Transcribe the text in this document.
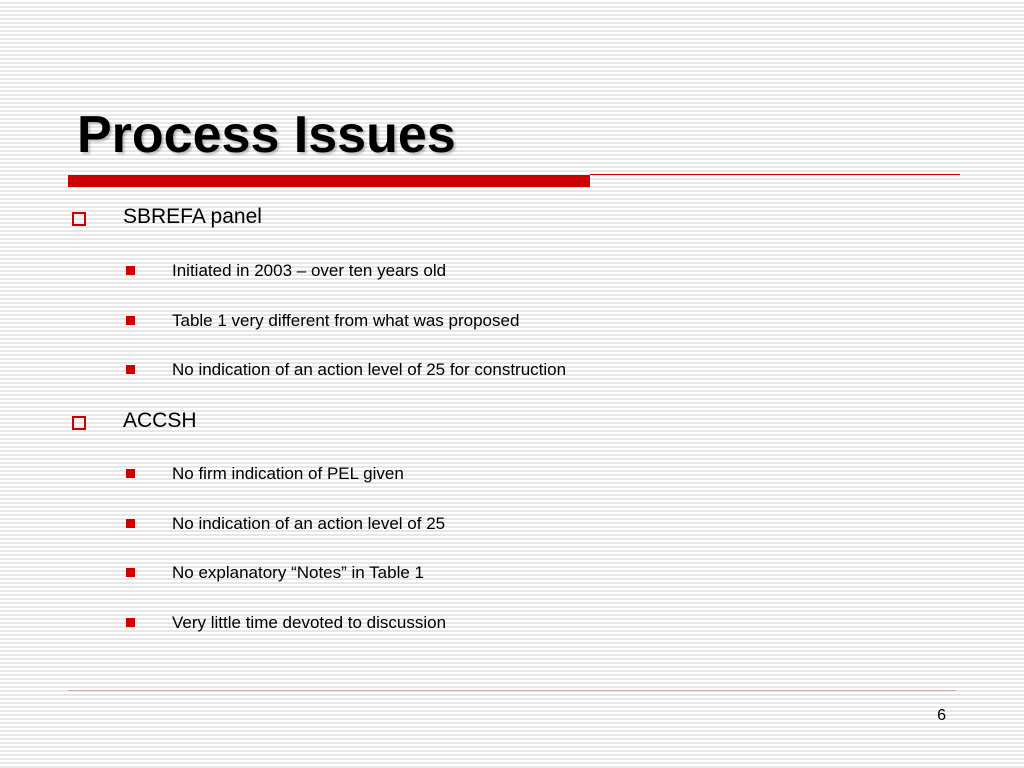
Process Issues
SBREFA panel
Initiated in 2003 – over ten years old
Table 1 very different from what was proposed
No indication of an action level of 25 for construction
ACCSH
No firm indication of PEL given
No indication of an action level of 25
No explanatory “Notes” in Table 1
Very little time devoted to discussion
6
